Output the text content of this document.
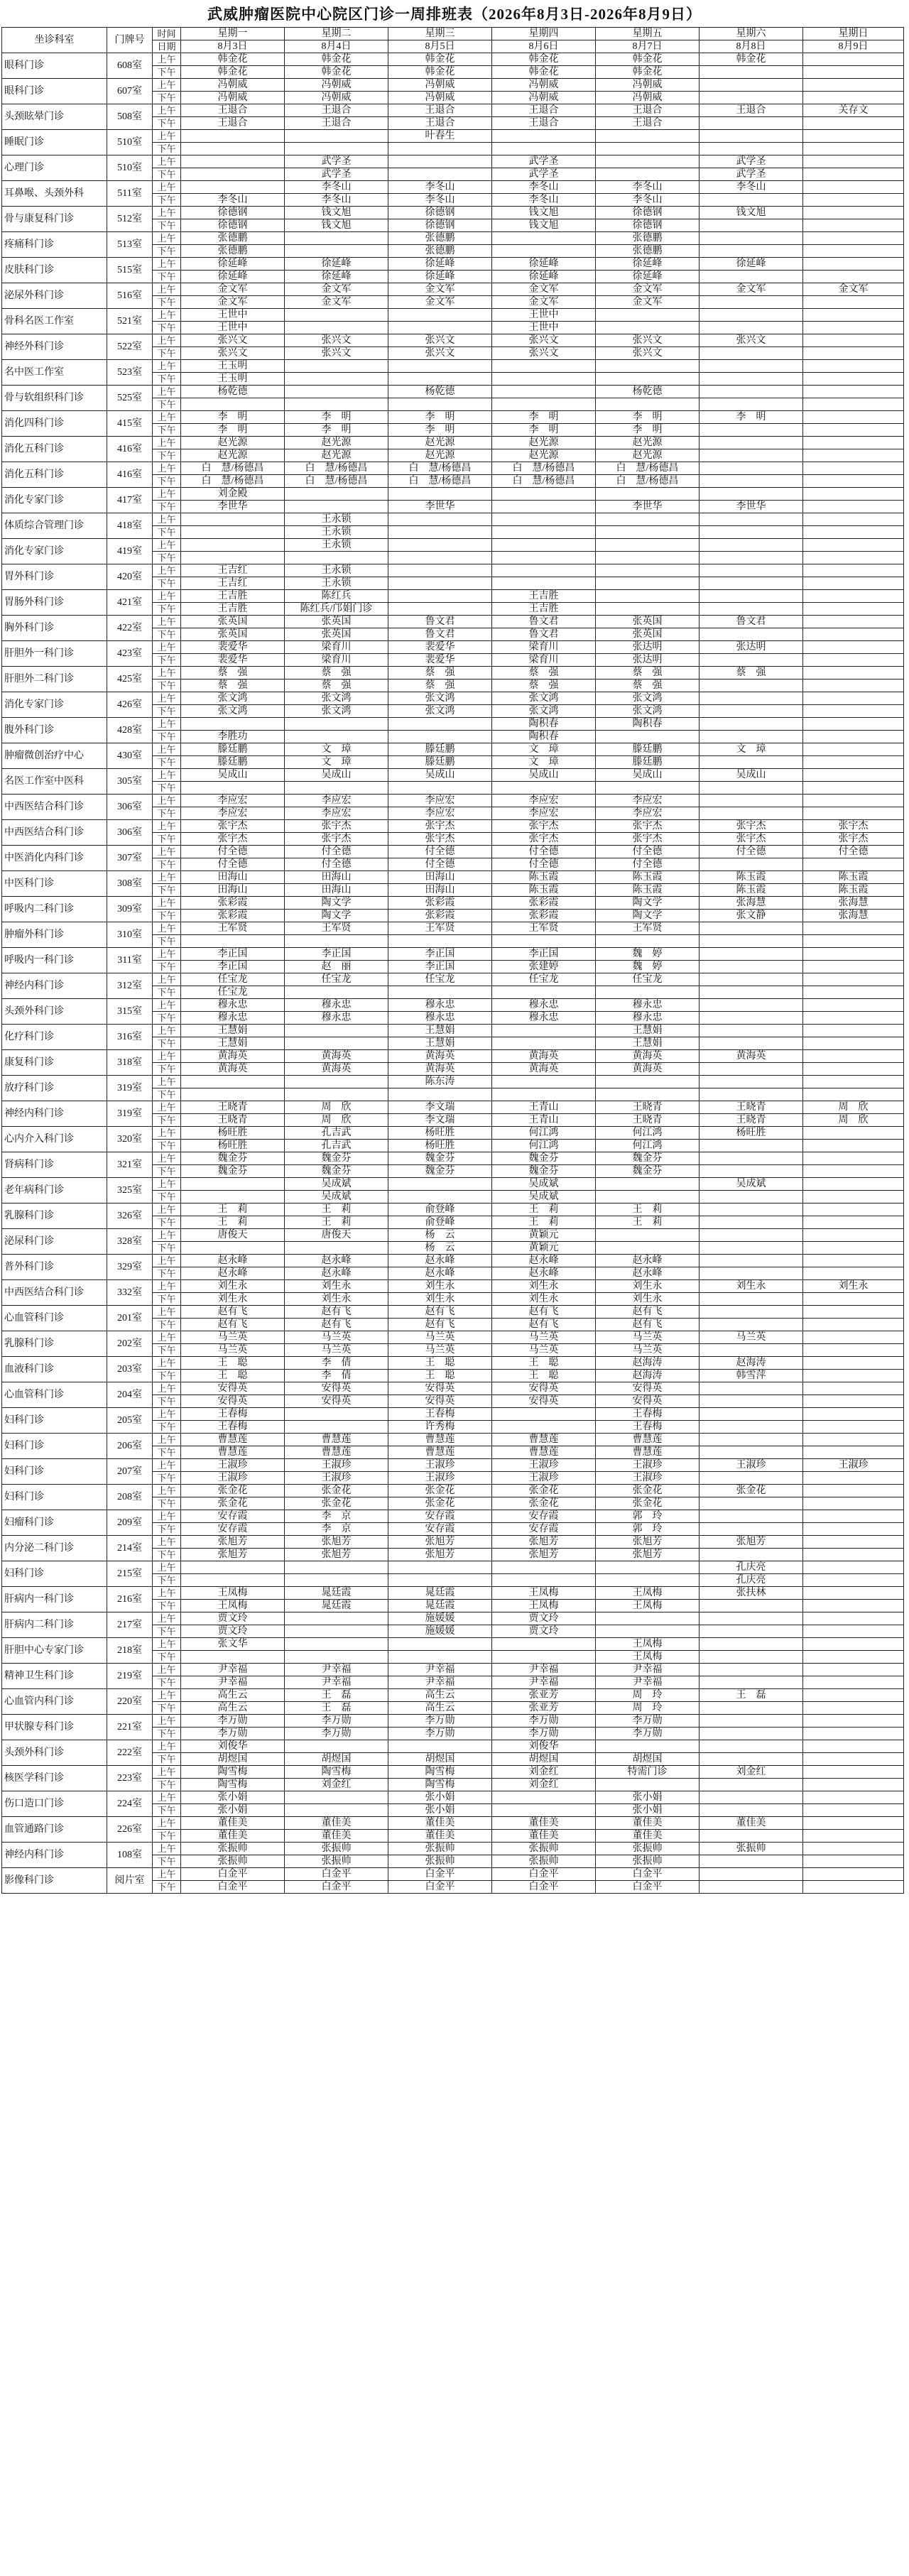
武威肿瘤医院中心院区门诊一周排班表（2026年8月3日-2026年8月9日）
坐诊科室	门牌号	时间	星期一	星期二	星期三	星期四	星期五	星期六	星期日
		日期	8月3日	8月4日	8月5日	8月6日	8月7日	8月8日	8月9日
眼科门诊	608室	上午	韩金花	韩金花	韩金花	韩金花	韩金花	韩金花	
		下午	韩金花	韩金花	韩金花	韩金花	韩金花		
眼科门诊	607室	上午	冯朝威	冯朝威	冯朝威	冯朝威	冯朝威		
		下午	冯朝威	冯朝威	冯朝威	冯朝威	冯朝威		
头颈眩晕门诊	508室	上午	王退合	王退合	王退合	王退合	王退合	王退合	关存文
		下午	王退合	王退合	王退合	王退合	王退合		
睡眠门诊	510室	上午			叶春生				
		下午							
心理门诊	510室	上午		武学圣		武学圣		武学圣	
		下午		武学圣		武学圣		武学圣	
耳鼻喉、头颈外科	511室	上午		李冬山	李冬山	李冬山	李冬山	李冬山	
		下午	李冬山	李冬山	李冬山	李冬山	李冬山		
骨与康复科门诊	512室	上午	徐德钢	钱文旭	徐德钢	钱文旭	徐德钢	钱文旭	
		下午	徐德钢	钱文旭	徐德钢	钱文旭	徐德钢		
疼痛科门诊	513室	上午	张德鹏		张德鹏		张德鹏		
		下午	张德鹏		张德鹏		张德鹏		
皮肤科门诊	515室	上午	徐延峰	徐延峰	徐延峰	徐延峰	徐延峰	徐延峰	
		下午	徐延峰	徐延峰	徐延峰	徐延峰	徐延峰		
泌尿外科门诊	516室	上午	金文军	金文军	金文军	金文军	金文军	金文军	金文军
		下午	金文军	金文军	金文军	金文军	金文军		
骨科名医工作室	521室	上午	王世中			王世中			
		下午	王世中			王世中			
神经外科门诊	522室	上午	张兴文	张兴文	张兴文	张兴文	张兴文	张兴文	
		下午	张兴文	张兴文	张兴文	张兴文	张兴文		
名中医工作室	523室	上午	王玉明						
		下午	王玉明						
骨与软组织科门诊	525室	上午	杨乾德		杨乾德		杨乾德		
		下午							
消化四科门诊	415室	上午	李　明	李　明	李　明	李　明	李　明	李　明	
		下午	李　明	李　明	李　明	李　明	李　明		
消化五科门诊	416室	上午	赵光源	赵光源	赵光源	赵光源	赵光源		
		下午	赵光源	赵光源	赵光源	赵光源	赵光源		
消化五科门诊	416室	上午	白　慧/杨德昌	白　慧/杨德昌	白　慧/杨德昌	白　慧/杨德昌	白　慧/杨德昌		
		下午	白　慧/杨德昌	白　慧/杨德昌	白　慧/杨德昌	白　慧/杨德昌	白　慧/杨德昌		
消化专家门诊	417室	上午	刘金殿						
		下午	李世华		李世华		李世华	李世华	
体质综合管理门诊	418室	上午		王永锁					
		下午		王永锁					
消化专家门诊	419室	上午		王永锁					
		下午							
胃外科门诊	420室	上午	王吉红	王永锁					
		下午	王吉红	王永锁					
胃肠外科门诊	421室	上午	王吉胜	陈红兵		王吉胜			
		下午	王吉胜	陈红兵/邝娟门诊		王吉胜			
胸外科门诊	422室	上午	张英国	张英国	鲁文君	鲁文君	张英国	鲁文君	
		下午	张英国	张英国	鲁文君	鲁文君	张英国		
肝胆外一科门诊	423室	上午	裴爱华	梁育川	裴爱华	梁育川	张达明	张达明	
		下午	裴爱华	梁育川	裴爱华	梁育川	张达明		
肝胆外二科门诊	425室	上午	蔡　强	蔡　强	蔡　强	蔡　强	蔡　强	蔡　强	
		下午	蔡　强	蔡　强	蔡　强	蔡　强	蔡　强		
消化专家门诊	426室	上午	张文鸿	张文鸿	张文鸿	张文鸿	张文鸿		
		下午	张文鸿	张文鸿	张文鸿	张文鸿	张文鸿		
腹外科门诊	428室	上午				陶积春	陶积春		
		下午	李胜功			陶积春			
肿瘤微创治疗中心	430室	上午	滕廷鹏	文　璋	滕廷鹏	文　璋	滕廷鹏	文　璋	
		下午	滕廷鹏	文　璋	滕廷鹏	文　璋	滕廷鹏		
名医工作室中医科	305室	上午	吴成山	吴成山	吴成山	吴成山	吴成山	吴成山	
		下午							
中西医结合科门诊	306室	上午	李应宏	李应宏	李应宏	李应宏	李应宏		
		下午	李应宏	李应宏	李应宏	李应宏	李应宏		
中西医结合科门诊	306室	上午	张宇杰	张宇杰	张宇杰	张宇杰	张宇杰	张宇杰	张宇杰
		下午	张宇杰	张宇杰	张宇杰	张宇杰	张宇杰	张宇杰	张宇杰
中医消化内科门诊	307室	上午	付全德	付全德	付全德	付全德	付全德	付全德	付全德
		下午	付全德	付全德	付全德	付全德	付全德		
中医科门诊	308室	上午	田海山	田海山	田海山	陈玉霞	陈玉霞	陈玉霞	陈玉霞
		下午	田海山	田海山	田海山	陈玉霞	陈玉霞	陈玉霞	陈玉霞
呼吸内二科门诊	309室	上午	张彩霞	陶文学	张彩霞	张彩霞	陶文学	张海慧	张海慧
		下午	张彩霞	陶文学	张彩霞	张彩霞	陶文学	张文静	张海慧
肿瘤外科门诊	310室	上午	王军贤	王军贤	王军贤	王军贤	王军贤		
		下午							
呼吸内一科门诊	311室	上午	李正国	李正国	李正国	李正国	魏　婷		
		下午	李正国	赵　丽	李正国	张建婷	魏　婷		
神经内科门诊	312室	上午	任宝龙	任宝龙	任宝龙	任宝龙	任宝龙		
		下午	任宝龙						
头颈外科门诊	315室	上午	穆永忠	穆永忠	穆永忠	穆永忠	穆永忠		
		下午	穆永忠	穆永忠	穆永忠	穆永忠	穆永忠		
化疗科门诊	316室	上午	王慧娟		王慧娟		王慧娟		
		下午	王慧娟		王慧娟		王慧娟		
康复科门诊	318室	上午	黄海英	黄海英	黄海英	黄海英	黄海英	黄海英	
		下午	黄海英	黄海英	黄海英	黄海英	黄海英		
放疗科门诊	319室	上午			陈东涛				
		下午							
神经内科门诊	319室	上午	王晓青	周　欣	李文瑞	王青山	王晓青	王晓青	周　欣
		下午	王晓青	周　欣	李文瑞	王青山	王晓青	王晓青	周　欣
心内介入科门诊	320室	上午	杨旺胜	孔吉武	杨旺胜	何江鸿	何江鸿	杨旺胜	
		下午	杨旺胜	孔吉武	杨旺胜	何江鸿	何江鸿		
肾病科门诊	321室	上午	魏金芬	魏金芬	魏金芬	魏金芬	魏金芬		
		下午	魏金芬	魏金芬	魏金芬	魏金芬	魏金芬		
老年病科门诊	325室	上午		吴成斌		吴成斌		吴成斌	
		下午		吴成斌		吴成斌			
乳腺科门诊	326室	上午	王　莉	王　莉	俞登峰	王　莉	王　莉		
		下午	王　莉	王　莉	俞登峰	王　莉	王　莉		
泌尿科门诊	328室	上午	唐俊天	唐俊天	杨　云	黄颖元			
		下午			杨　云	黄颖元			
普外科门诊	329室	上午	赵永峰	赵永峰	赵永峰	赵永峰	赵永峰		
		下午	赵永峰	赵永峰	赵永峰	赵永峰	赵永峰		
中西医结合科门诊	332室	上午	刘生永	刘生永	刘生永	刘生永	刘生永	刘生永	刘生永
		下午	刘生永	刘生永	刘生永	刘生永	刘生永		
心血管科门诊	201室	上午	赵有飞	赵有飞	赵有飞	赵有飞	赵有飞		
		下午	赵有飞	赵有飞	赵有飞	赵有飞	赵有飞		
乳腺科门诊	202室	上午	马兰英	马兰英	马兰英	马兰英	马兰英	马兰英	
		下午	马兰英	马兰英	马兰英	马兰英	马兰英		
血液科门诊	203室	上午	王　聪	李　倩	王　聪	王　聪	赵海涛	赵海涛	
		下午	王　聪	李　倩	王　聪	王　聪	赵海涛	韩雪萍	
心血管科门诊	204室	上午	安得英	安得英	安得英	安得英	安得英		
		下午	安得英	安得英	安得英	安得英	安得英		
妇科门诊	205室	上午	王春梅		王春梅		王春梅		
		下午	王春梅		许秀梅		王春梅		
妇科门诊	206室	上午	曹慧莲	曹慧莲	曹慧莲	曹慧莲	曹慧莲		
		下午	曹慧莲	曹慧莲	曹慧莲	曹慧莲	曹慧莲		
妇科门诊	207室	上午	王淑珍	王淑珍	王淑珍	王淑珍	王淑珍	王淑珍	王淑珍
		下午	王淑珍	王淑珍	王淑珍	王淑珍	王淑珍		
妇科门诊	208室	上午	张金花	张金花	张金花	张金花	张金花	张金花	
		下午	张金花	张金花	张金花	张金花	张金花		
妇瘤科门诊	209室	上午	安存霞	李　京	安存霞	安存霞	郭　玲		
		下午	安存霞	李　京	安存霞	安存霞	郭　玲		
内分泌二科门诊	214室	上午	张旭芳	张旭芳	张旭芳	张旭芳	张旭芳	张旭芳	
		下午	张旭芳	张旭芳	张旭芳	张旭芳	张旭芳		
妇科门诊	215室	上午						孔庆亮	
		下午						孔庆亮	
肝病内一科门诊	216室	上午	王凤梅	晁廷霞	晁廷霞	王凤梅	王凤梅	张扶林	
		下午	王凤梅	晁廷霞	晁廷霞	王凤梅	王凤梅		
肝病内二科门诊	217室	上午	贾文玲		施媛媛	贾文玲			
		下午	贾文玲		施媛媛	贾文玲			
肝胆中心专家门诊	218室	上午	张文华				王凤梅		
		下午					王凤梅		
精神卫生科门诊	219室	上午	尹幸福	尹幸福	尹幸福	尹幸福	尹幸福		
		下午	尹幸福	尹幸福	尹幸福	尹幸福	尹幸福		
心血管内科门诊	220室	上午	高生云	王　磊	高生云	张亚芳	周　玲	王　磊	
		下午	高生云	王　磊	高生云	张亚芳	周　玲		
甲状腺专科门诊	221室	上午	李万勋	李万勋	李万勋	李万勋	李万勋		
		下午	李万勋	李万勋	李万勋	李万勋	李万勋		
头颈外科门诊	222室	上午	刘俊华			刘俊华			
		下午	胡煜国	胡煜国	胡煜国	胡煜国	胡煜国		
核医学科门诊	223室	上午	陶雪梅	陶雪梅	陶雪梅	刘金红	特需门诊	刘金红	
		下午	陶雪梅	刘金红	陶雪梅	刘金红			
伤口造口门诊	224室	上午	张小娟		张小娟		张小娟		
		下午	张小娟		张小娟		张小娟		
血管通路门诊	226室	上午	董佳美	董佳美	董佳美	董佳美	董佳美	董佳美	
		下午	董佳美	董佳美	董佳美	董佳美	董佳美		
神经内科门诊	108室	上午	张振帅	张振帅	张振帅	张振帅	张振帅	张振帅	
		下午	张振帅	张振帅	张振帅	张振帅	张振帅		
影像科门诊	阅片室	上午	白金平	白金平	白金平	白金平	白金平		
		下午	白金平	白金平	白金平	白金平	白金平		
